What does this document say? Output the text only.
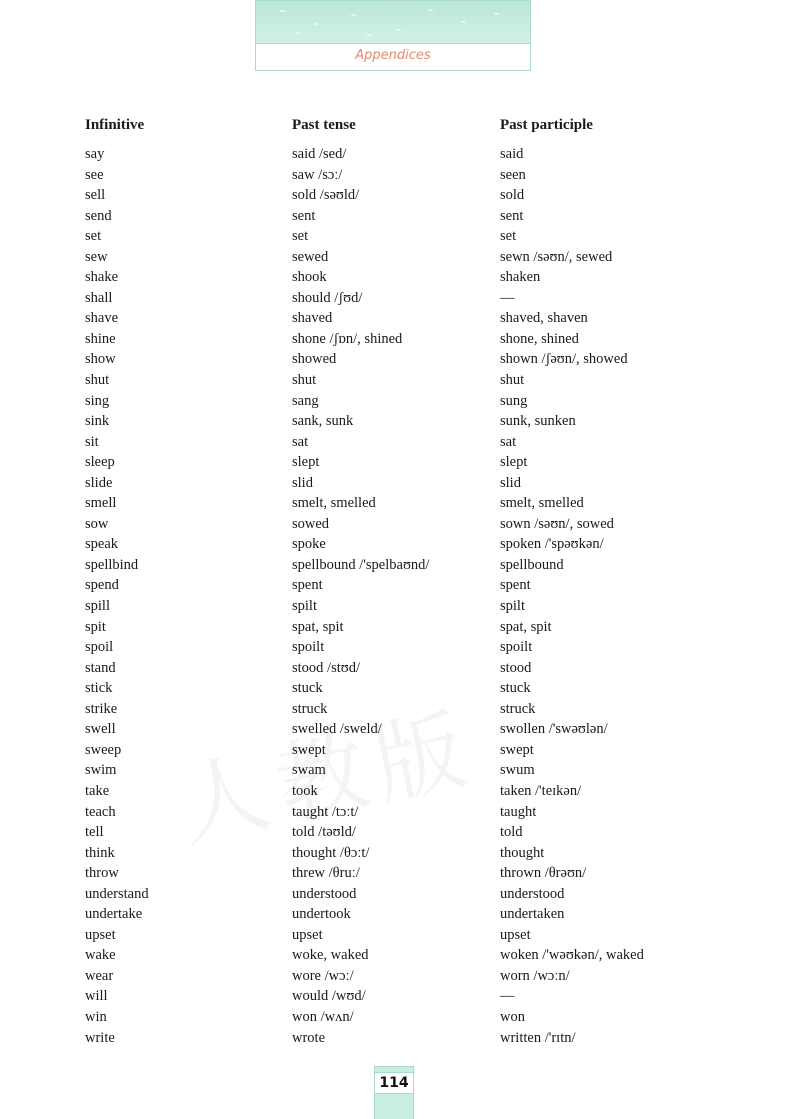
Appendices
Infinitive	Past tense	Past participle
say	said /sed/	said
see	saw /sɔː/	seen
sell	sold /səʊld/	sold
send	sent	sent
set	set	set
sew	sewed	sewn /səʊn/, sewed
shake	shook	shaken
shall	should /ʃʊd/	—
shave	shaved	shaved, shaven
shine	shone /ʃɒn/, shined	shone, shined
show	showed	shown /ʃəʊn/, showed
shut	shut	shut
sing	sang	sung
sink	sank, sunk	sunk, sunken
sit	sat	sat
sleep	slept	slept
slide	slid	slid
smell	smelt, smelled	smelt, smelled
sow	sowed	sown /səʊn/, sowed
speak	spoke	spoken /'spəʊkən/
spellbind	spellbound /'spelbaʊnd/	spellbound
spend	spent	spent
spill	spilt	spilt
spit	spat, spit	spat, spit
spoil	spoilt	spoilt
stand	stood /stʊd/	stood
stick	stuck	stuck
strike	struck	struck
swell	swelled /sweld/	swollen /'swəʊlən/
sweep	swept	swept
swim	swam	swum
take	took	taken /'teɪkən/
teach	taught /tɔːt/	taught
tell	told /təʊld/	told
think	thought /θɔːt/	thought
throw	threw /θruː/	thrown /θrəʊn/
understand	understood	understood
undertake	undertook	undertaken
upset	upset	upset
wake	woke, waked	woken /'wəʊkən/, waked
wear	wore /wɔː/	worn /wɔːn/
will	would /wʊd/	—
win	won /wʌn/	won
write	wrote	written /'rɪtn/
114
